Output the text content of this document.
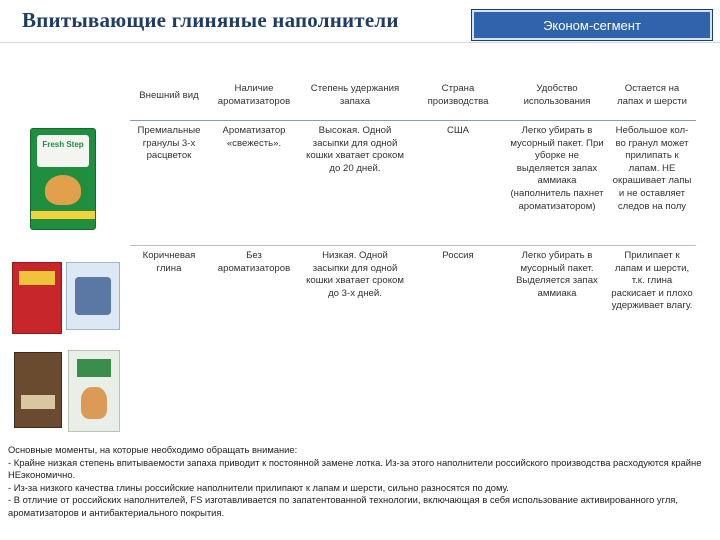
Впитывающие глиняные наполнители	Эконом-сегмент
Внешний вид	Наличие ароматизаторов	Степень удержания запаха	Страна производства	Удобство использования	Остается на лапах и шерсти
Премиальные гранулы 3-х расцветок	Ароматизатор «свежесть».	Высокая. Одной засыпки для одной кошки хватает сроком до 20 дней.	США	Легко убирать в мусорный пакет. При уборке не выделяется запах аммиака (наполнитель пахнет ароматизатором)	Небольшое кол-во гранул может прилипать к лапам. НЕ окрашивает лапы и не оставляет следов на полу
Коричневая глина	Без ароматизаторов	Низкая. Одной засыпки для одной кошки хватает сроком до 3-х дней.	Россия	Легко убирать в мусорный пакет. Выделяется запах аммиака	Прилипает к лапам и шерсти, т.к. глина раскисает и плохо удерживает влагу.
Fresh Step
Основные моменты, на которые необходимо обращать внимание:
- Крайне низкая степень впитываемости запаха приводит к постоянной замене лотка. Из-за этого наполнители российского производства расходуются крайне НЕэкономично.
- Из-за низкого качества глины российские наполнители прилипают к лапам и шерсти, сильно разносятся по дому.
- В отличие от российских наполнителей, FS изготавливается по запатентованной технологии, включающая в себя использование активированного угля, ароматизаторов и антибактериального покрытия.
